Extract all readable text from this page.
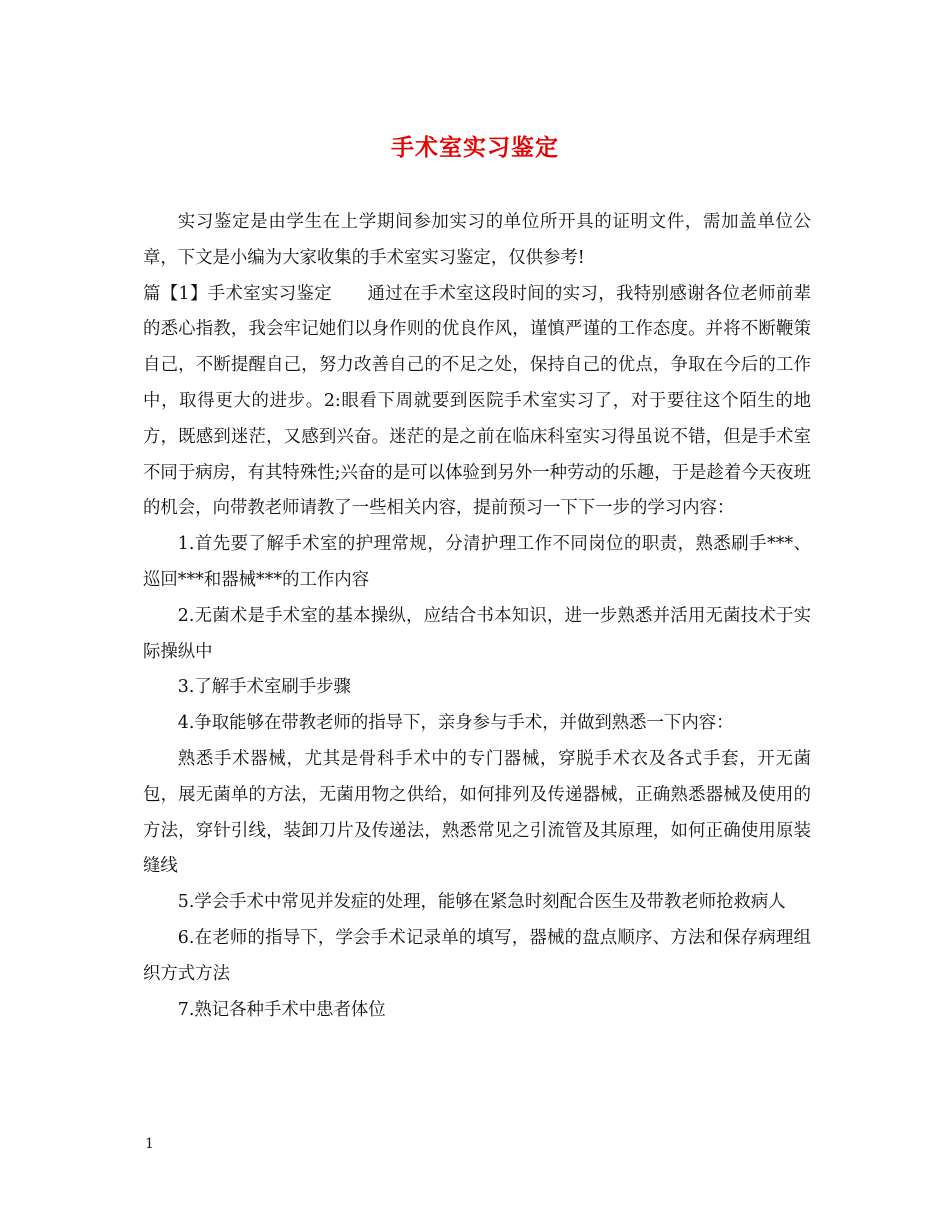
手术室实习鉴定

实习鉴定是由学生在上学期间参加实习的单位所开具的证明文件，需加盖单位公章，下文是小编为大家收集的手术室实习鉴定，仅供参考!

篇【1】手术室实习鉴定　　通过在手术室这段时间的实习，我特别感谢各位老师前辈的悉心指教，我会牢记她们以身作则的优良作风，谨慎严谨的工作态度。并将不断鞭策自己，不断提醒自己，努力改善自己的不足之处，保持自己的优点，争取在今后的工作中，取得更大的进步。2:眼看下周就要到医院手术室实习了，对于要往这个陌生的地方，既感到迷茫，又感到兴奋。迷茫的是之前在临床科室实习得虽说不错，但是手术室不同于病房，有其特殊性;兴奋的是可以体验到另外一种劳动的乐趣，于是趁着今天夜班的机会，向带教老师请教了一些相关内容，提前预习一下下一步的学习内容：

1.首先要了解手术室的护理常规，分清护理工作不同岗位的职责，熟悉刷手***、巡回***和器械***的工作内容

2.无菌术是手术室的基本操纵，应结合书本知识，进一步熟悉并活用无菌技术于实际操纵中

3.了解手术室刷手步骤

4.争取能够在带教老师的指导下，亲身参与手术，并做到熟悉一下内容：

熟悉手术器械，尤其是骨科手术中的专门器械，穿脱手术衣及各式手套，开无菌包，展无菌单的方法，无菌用物之供给，如何排列及传递器械，正确熟悉器械及使用的方法，穿针引线，装卸刀片及传递法，熟悉常见之引流管及其原理，如何正确使用原装缝线

5.学会手术中常见并发症的处理，能够在紧急时刻配合医生及带教老师抢救病人

6.在老师的指导下，学会手术记录单的填写，器械的盘点顺序、方法和保存病理组织方式方法

7.熟记各种手术中患者体位

1
